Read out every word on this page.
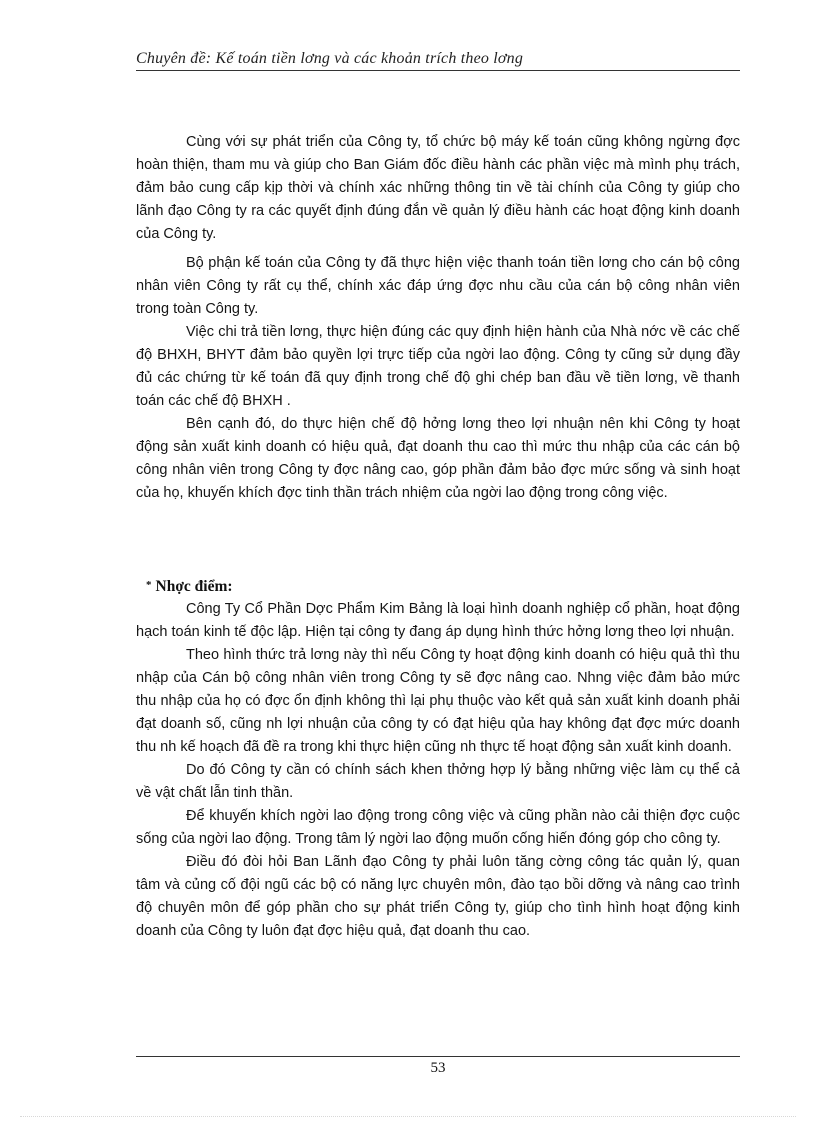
Chuyên đề: Kế toán tiền lơng và các khoản trích theo lơng

Cùng với sự phát triển của Công ty, tổ chức bộ máy kế toán cũng không ngừng đợc hoàn thiện, tham mu và giúp cho Ban Giám đốc điều hành các phần việc mà mình phụ trách, đảm bảo cung cấp kịp thời và chính xác những thông tin về tài chính của Công ty giúp cho lãnh đạo Công ty ra các quyết định đúng đắn về quản lý điều hành các hoạt động kinh doanh của Công ty.

Bộ phận kế toán của Công ty đã thực hiện việc thanh toán tiền lơng cho cán bộ công nhân viên Công ty rất cụ thể, chính xác đáp ứng đợc nhu cầu của cán bộ công nhân viên trong toàn Công ty.

Việc chi trả tiền lơng, thực hiện đúng các quy định hiện hành của Nhà nớc về các chế độ BHXH, BHYT đảm bảo quyền lợi trực tiếp của ngời lao động. Công ty cũng sử dụng đầy đủ các chứng từ kế toán đã quy định trong chế độ ghi chép ban đầu về tiền lơng, về thanh toán các chế độ BHXH .

Bên cạnh đó, do thực hiện chế độ hởng lơng theo lợi nhuận nên khi Công ty hoạt động sản xuất kinh doanh có hiệu quả, đạt doanh thu cao thì mức thu nhập của các cán bộ công nhân viên trong Công ty đợc nâng cao, góp phần đảm bảo đợc mức sống và sinh hoạt của họ, khuyến khích đợc tinh thần trách nhiệm của ngời lao động trong công việc.

* Nhợc điểm:

Công Ty Cổ Phần Dợc Phẩm Kim Bảng là loại hình doanh nghiệp cổ phần, hoạt động hạch toán kinh tế độc lập. Hiện tại công ty đang áp dụng hình thức hởng lơng theo lợi nhuận.

Theo hình thức trả lơng này thì nếu Công ty hoạt động kinh doanh có hiệu quả thì thu nhập của Cán bộ công nhân viên trong Công ty sẽ đợc nâng cao. Nhng việc đảm bảo mức thu nhập của họ có đợc ổn định không thì lại phụ thuộc vào kết quả sản xuất kinh doanh phải đạt doanh số, cũng nh lợi nhuận của công ty có đạt hiệu qủa hay không đạt đợc mức doanh thu nh kế hoạch đã đề ra trong khi thực hiện cũng nh thực tế hoạt động sản xuất kinh doanh.

Do đó Công ty cần có chính sách khen thởng hợp lý bằng những việc làm cụ thể cả về vật chất lẫn tinh thần.

Để khuyến khích ngời lao động trong công việc và cũng phần nào cải thiện đợc cuộc sống của ngời lao động. Trong tâm lý ngời lao động muốn cống hiến đóng góp cho công ty.

Điều đó đòi hỏi Ban Lãnh đạo Công ty phải luôn tăng cờng công tác quản lý, quan tâm và củng cố đội ngũ các bộ có năng lực chuyên môn, đào tạo bồi dỡng và nâng cao trình độ chuyên môn để góp phần cho sự phát triển Công ty, giúp cho tình hình hoạt động kinh doanh của Công ty luôn đạt đợc hiệu quả, đạt doanh thu cao.

53
